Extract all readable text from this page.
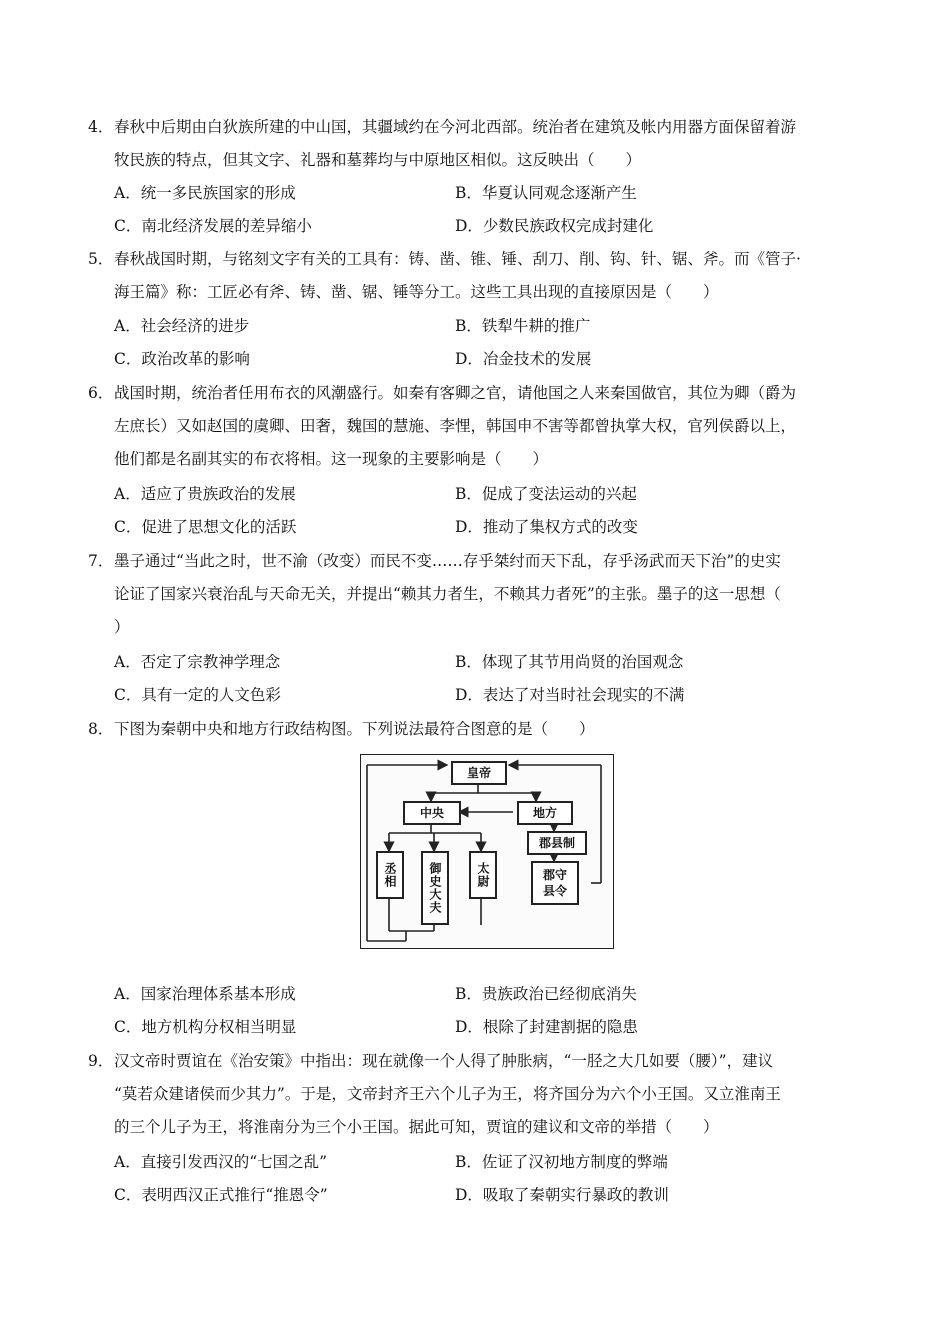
4．春秋中后期由白狄族所建的中山国，其疆域约在今河北西部。统治者在建筑及帐内用器方面保留着游
牧民族的特点，但其文字、礼器和墓葬均与中原地区相似。这反映出（　　）
A．统一多民族国家的形成	B．华夏认同观念逐渐产生
C．南北经济发展的差异缩小	D．少数民族政权完成封建化
5．春秋战国时期，与铭刻文字有关的工具有：铸、凿、锥、锤、刮刀、削、钩、针、锯、斧。而《管子·
海王篇》称：工匠必有斧、铸、凿、锯、锤等分工。这些工具出现的直接原因是（　　）
A．社会经济的进步	B．铁犁牛耕的推广
C．政治改革的影响	D．冶金技术的发展
6．战国时期，统治者任用布衣的风潮盛行。如秦有客卿之官，请他国之人来秦国做官，其位为卿（爵为
左庶长）又如赵国的虞卿、田奢，魏国的慧施、李悝，韩国申不害等都曾执掌大权，官列侯爵以上，
他们都是名副其实的布衣将相。这一现象的主要影响是（　　）
A．适应了贵族政治的发展	B．促成了变法运动的兴起
C．促进了思想文化的活跃	D．推动了集权方式的改变
7．墨子通过“当此之时，世不渝（改变）而民不变……存乎桀纣而天下乱，存乎汤武而天下治”的史实
论证了国家兴衰治乱与天命无关，并提出“赖其力者生，不赖其力者死”的主张。墨子的这一思想（
）
A．否定了宗教神学理念	B．体现了其节用尚贤的治国观念
C．具有一定的人文色彩	D．表达了对当时社会现实的不满
8．下图为秦朝中央和地方行政结构图。下列说法最符合图意的是（　　）
皇帝
中央	地方
郡县制
丞相	御史大夫	太尉	郡守
县令
A．国家治理体系基本形成	B．贵族政治已经彻底消失
C．地方机构分权相当明显	D．根除了封建割据的隐患
9．汉文帝时贾谊在《治安策》中指出：现在就像一个人得了肿胀病，“一胫之大几如要（腰）”，建议
“莫若众建诸侯而少其力”。于是，文帝封齐王六个儿子为王，将齐国分为六个小王国。又立淮南王
的三个儿子为王，将淮南分为三个小王国。据此可知，贾谊的建议和文帝的举措（　　）
A．直接引发西汉的“七国之乱”	B．佐证了汉初地方制度的弊端
C．表明西汉正式推行“推恩令”	D．吸取了秦朝实行暴政的教训
